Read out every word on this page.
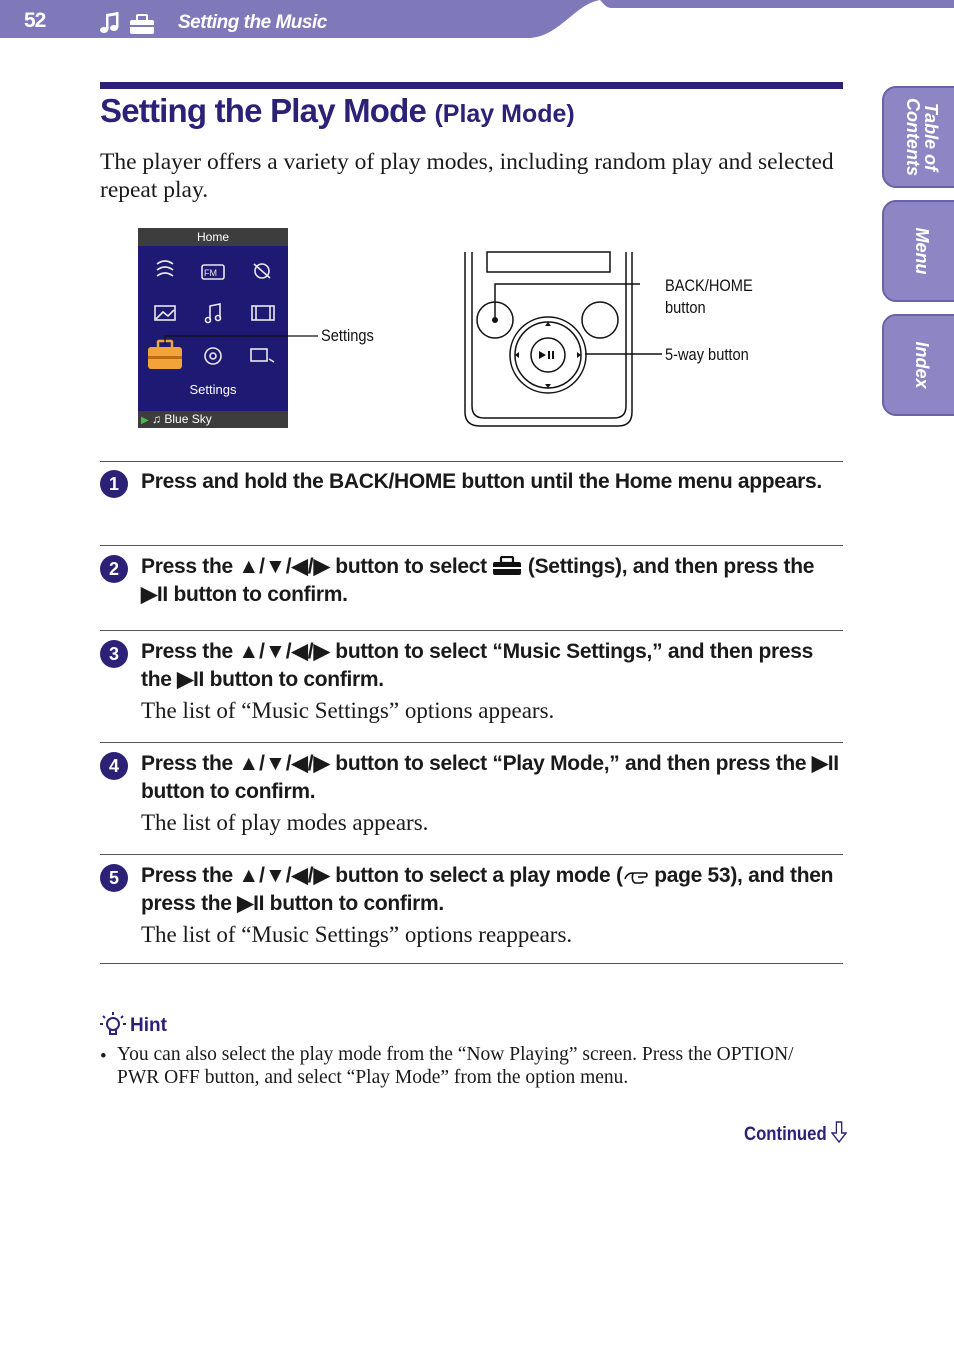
52	Setting the Music
Table of
Contents
Menu
Index
Setting the Play Mode (Play Mode)

The player offers a variety of play modes, including random play and selected repeat play.

FM
Home
Settings
▶ ♫ Blue Sky
Settings
BACK/HOME
button
5-way button
1	Press and hold the BACK/HOME button until the Home menu appears.

2	Press the ▲/▼/◀/▶ button to select  (Settings), and then press the ▶II button to confirm.

3	Press the ▲/▼/◀/▶ button to select “Music Settings,” and then press the ▶II button to confirm.

The list of “Music Settings” options appears.

4	Press the ▲/▼/◀/▶ button to select “Play Mode,” and then press the ▶II button to confirm.

The list of play modes appears.

5	Press the ▲/▼/◀/▶ button to select a play mode ( page 53), and then press the ▶II button to confirm.

The list of “Music Settings” options reappears.

Hint
• You can also select the play mode from the “Now Playing” screen. Press the OPTION/ PWR OFF button, and select “Play Mode” from the option menu.

Continued
